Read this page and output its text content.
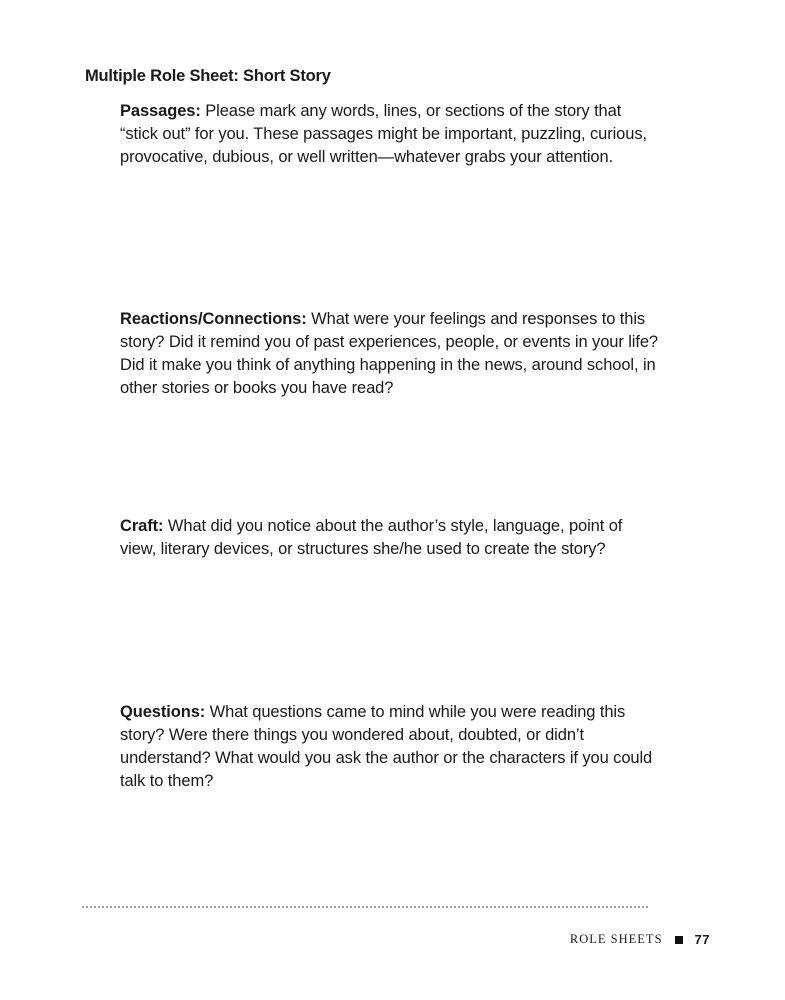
Multiple Role Sheet: Short Story
Passages: Please mark any words, lines, or sections of the story that “stick out” for you. These passages might be important, puzzling, curious, provocative, dubious, or well written—whatever grabs your attention.
Reactions/Connections: What were your feelings and responses to this story? Did it remind you of past experiences, people, or events in your life? Did it make you think of anything happening in the news, around school, in other stories or books you have read?
Craft: What did you notice about the author’s style, language, point of view, literary devices, or structures she/he used to create the story?
Questions: What questions came to mind while you were reading this story? Were there things you wondered about, doubted, or didn’t understand? What would you ask the author or the characters if you could talk to them?
ROLE SHEETS 77
